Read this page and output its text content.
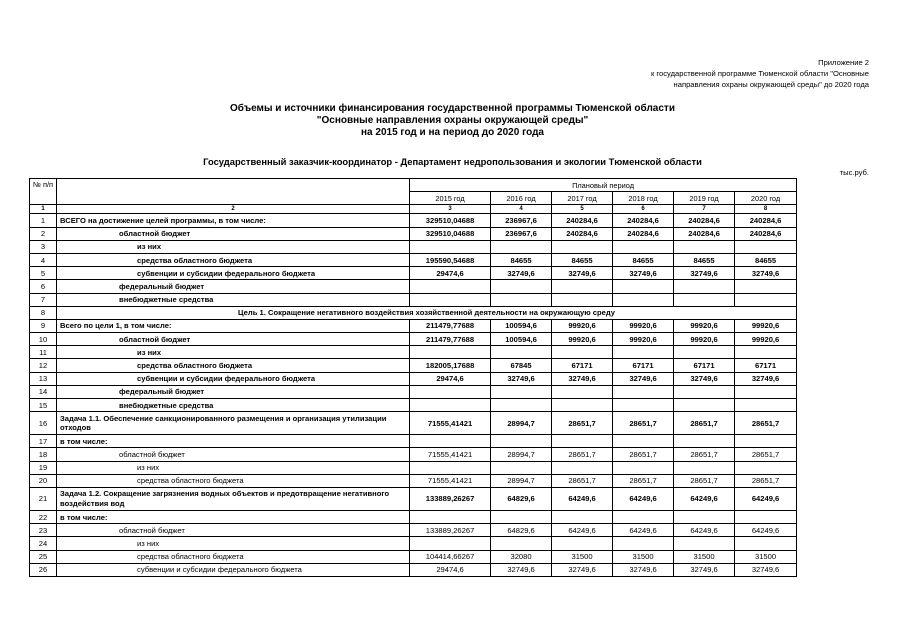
Приложение 2
к государственной программе Тюменской области "Основные
направления охраны окружающей среды" до 2020 года
Объемы и источники финансирования государственной программы Тюменской области
"Основные направления охраны окружающей среды"
на 2015 год и на период до 2020 года
Государственный заказчик-координатор - Департамент недропользования и экологии Тюменской области
тыс.руб.
№ п/п		Плановый период					
		2015 год	2016 год	2017 год	2018 год	2019 год	2020 год
1	2	3	4	5	6	7	8
1	ВСЕГО на достижение целей программы, в том числе:	329510,04688	236967,6	240284,6	240284,6	240284,6	240284,6
2	областной бюджет	329510,04688	236967,6	240284,6	240284,6	240284,6	240284,6
3	из них						
4	средства областного бюджета	195590,54688	84655	84655	84655	84655	84655
5	субвенции и субсидии федерального бюджета	29474,6	32749,6	32749,6	32749,6	32749,6	32749,6
6	федеральный бюджет						
7	внебюджетные средства						
8	Цель 1. Сокращение негативного воздействия хозяйственной деятельности на окружающую среду						
9	Всего по цели 1, в том числе:	211479,77688	100594,6	99920,6	99920,6	99920,6	99920,6
10	областной бюджет	211479,77688	100594,6	99920,6	99920,6	99920,6	99920,6
11	из них						
12	средства областного бюджета	182005,17688	67845	67171	67171	67171	67171
13	субвенции и субсидии федерального бюджета	29474,6	32749,6	32749,6	32749,6	32749,6	32749,6
14	федеральный бюджет						
15	внебюджетные средства						
16	Задача 1.1. Обеспечение санкционированного размещения и организация утилизации отходов	71555,41421	28994,7	28651,7	28651,7	28651,7	28651,7
17	в том числе:						
18	областной бюджет	71555,41421	28994,7	28651,7	28651,7	28651,7	28651,7
19	из них						
20	средства областного бюджета	71555,41421	28994,7	28651,7	28651,7	28651,7	28651,7
21	Задача 1.2. Сокращение загрязнения водных объектов и предотвращение негативного воздействия вод	133889,26267	64829,6	64249,6	64249,6	64249,6	64249,6
22	в том числе:						
23	областной бюджет	133889,26267	64829,6	64249,6	64249,6	64249,6	64249,6
24	из них						
25	средства областного бюджета	104414,66267	32080	31500	31500	31500	31500
26	субвенции и субсидии федерального бюджета	29474,6	32749,6	32749,6	32749,6	32749,6	32749,6
